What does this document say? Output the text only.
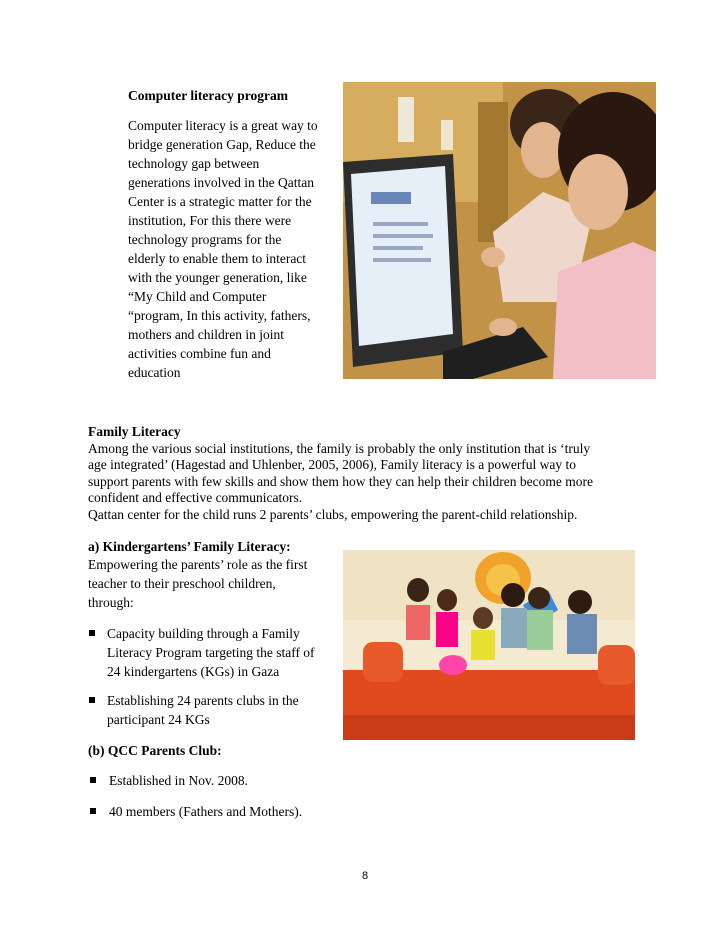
Computer literacy program
Computer literacy is a great way to
bridge generation Gap, Reduce the
technology gap between
generations involved in the Qattan
Center is a strategic matter for the
institution, For this there were
technology programs for the
elderly to enable them to interact
with the younger generation, like
“My Child and Computer
“program, In this activity, fathers,
mothers and children in joint
activities combine fun and
education
Family Literacy
Among the various social institutions, the family is probably the only institution that is ‘truly
age integrated’ (Hagestad and Uhlenber, 2005, 2006), Family literacy is a powerful way to
support parents with few skills and show them how they can help their children become more
confident and effective communicators.
Qattan center for the child runs 2 parents’ clubs, empowering the parent-child relationship.
a) Kindergartens’ Family Literacy:
Empowering the parents’ role as the first
teacher to their preschool children,
through:
Capacity building through a Family
Literacy Program targeting the staff of
24 kindergartens (KGs) in Gaza
Establishing 24 parents clubs in the
participant 24 KGs
(b) QCC Parents Club:
Established in Nov. 2008.
40 members (Fathers and Mothers).
8
